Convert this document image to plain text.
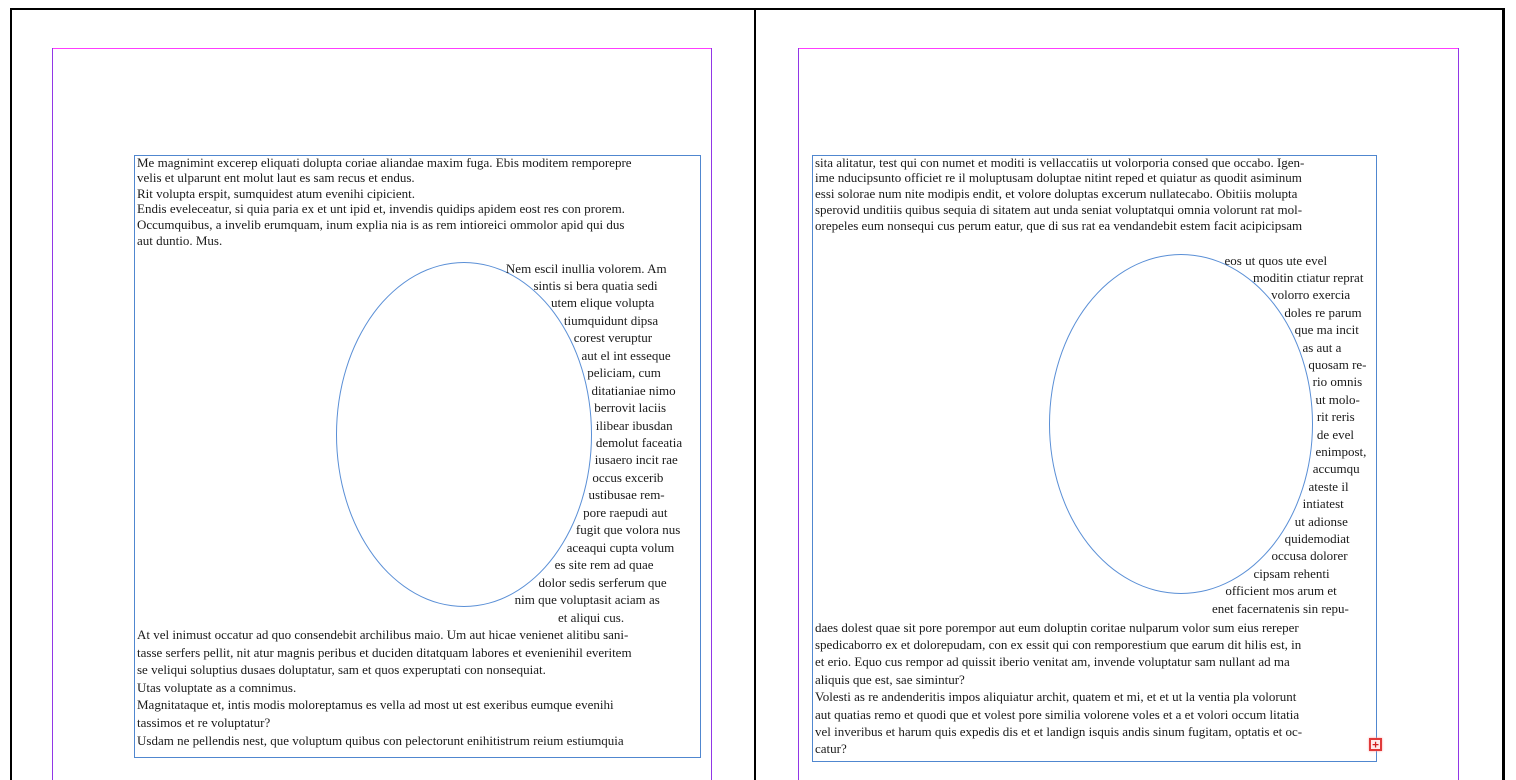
Me magnimint excerep eliquati dolupta coriae aliandae maxim fuga. Ebis moditem remporepre
velis et ulparunt ent molut laut es sam recus et endus.
Rit volupta erspit, sumquidest atum evenihi cipicient.
Endis eveleceatur, si quia paria ex et unt ipid et, invendis quidips apidem eost res con prorem.
Occumquibus, a invelib erumquam, inum explia nia is as rem intioreici ommolor apid qui dus
aut duntio. Mus.
Nem escil inullia volorem. Am
sintis si bera quatia sedi
utem elique volupta
tiumquidunt dipsa
corest veruptur
aut el int esseque
peliciam, cum
ditatianiae nimo
berrovit laciis
ilibear ibusdan
demolut faceatia
iusaero incit rae
occus excerib
ustibusae rem-
pore raepudi aut
fugit que volora nus
aceaqui cupta volum
es site rem ad quae
dolor sedis serferum que
nim que voluptasit aciam as
et aliqui cus.
At vel inimust occatur ad quo consendebit archilibus maio. Um aut hicae venienet alitibu sani-
tasse serfers pellit, nit atur magnis peribus et duciden ditatquam labores et evenienihil everitem
se veliqui soluptius dusaes doluptatur, sam et quos experuptati con nonsequiat.
Utas voluptate as a comnimus.
Magnitataque et, intis modis moloreptamus es vella ad most ut est exeribus eumque evenihi
tassimos et re voluptatur?
Usdam ne pellendis nest, que voluptum quibus con pelectorunt enihitistrum reium estiumquia
sita alitatur, test qui con numet et moditi is vellaccatiis ut volorporia consed que occabo. Igen-
ime nducipsunto officiet re il moluptusam doluptae nitint reped et quiatur as quodit asiminum
essi solorae num nite modipis endit, et volore doluptas excerum nullatecabo. Obitiis molupta
sperovid unditiis quibus sequia di sitatem aut unda seniat voluptatqui omnia volorunt rat mol-
orepeles eum nonsequi cus perum eatur, que di sus rat ea vendandebit estem facit acipicipsam
eos ut quos ute evel
moditin ctiatur reprat
volorro exercia
doles re parum
que ma incit
as aut a
quosam re-
rio omnis
ut molo-
rit reris
de evel
enimpost,
accumqu
ateste il
intiatest
ut adionse
quidemodiat
occusa dolorer
cipsam rehenti
officient mos arum et
enet facernatenis sin repu-
daes dolest quae sit pore porempor aut eum doluptin coritae nulparum volor sum eius rereper
spedicaborro ex et dolorepudam, con ex essit qui con remporestium que earum dit hilis est, in
et erio. Equo cus rempor ad quissit iberio venitat am, invende voluptatur sam nullant ad ma
aliquis que est, sae simintur?
Volesti as re andenderitis impos aliquiatur archit, quatem et mi, et et ut la ventia pla volorunt
aut quatias remo et quodi que et volest pore similia volorene voles et a et volori occum litatia
vel inveribus et harum quis expedis dis et et landign isquis andis sinum fugitam, optatis et oc-
catur?	+
